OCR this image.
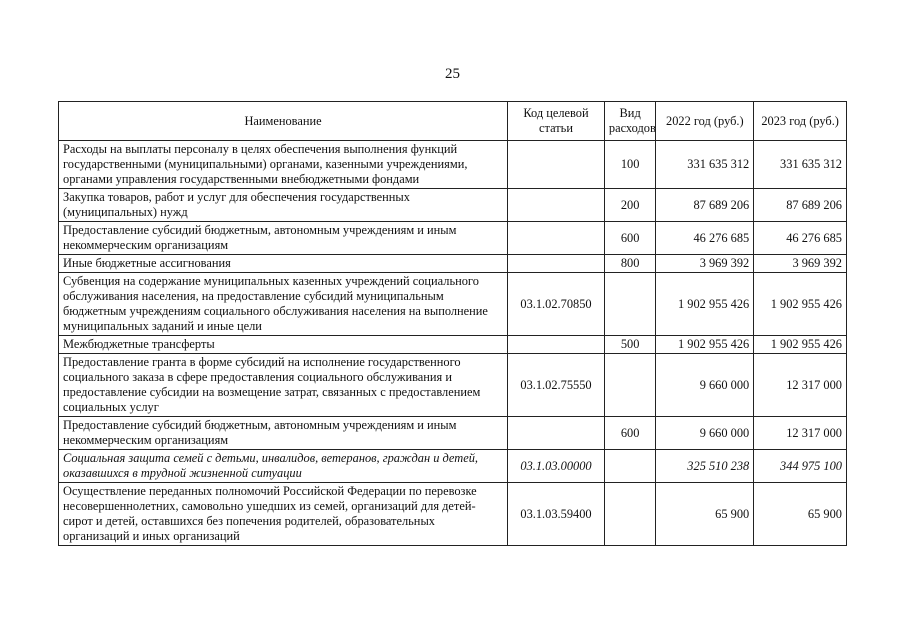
25
Наименование	Код целевой статьи	Вид расходов	2022 год (руб.)	2023 год (руб.)
Расходы на выплаты персоналу в целях обеспечения выполнения функций государственными (муниципальными) органами, казенными учреждениями, органами управления государственными внебюджетными фондами		100	331 635 312	331 635 312
Закупка товаров, работ и услуг для обеспечения государственных (муниципальных) нужд		200	87 689 206	87 689 206
Предоставление субсидий бюджетным, автономным учреждениям и иным некоммерческим организациям		600	46 276 685	46 276 685
Иные бюджетные ассигнования		800	3 969 392	3 969 392
Субвенция на содержание муниципальных казенных учреждений социального обслуживания населения, на предоставление субсидий муниципальным бюджетным учреждениям социального обслуживания населения на выполнение муниципальных заданий и иные цели	03.1.02.70850		1 902 955 426	1 902 955 426
Межбюджетные трансферты		500	1 902 955 426	1 902 955 426
Предоставление гранта в форме субсидий на исполнение государственного социального заказа в сфере предоставления социального обслуживания и предоставление субсидии на возмещение затрат, связанных с предоставлением социальных услуг	03.1.02.75550		9 660 000	12 317 000
Предоставление субсидий бюджетным, автономным учреждениям и иным некоммерческим организациям		600	9 660 000	12 317 000
Социальная защита семей с детьми, инвалидов, ветеранов, граждан и детей, оказавшихся в трудной жизненной ситуации	03.1.03.00000		325 510 238	344 975 100
Осуществление переданных полномочий Российской Федерации по перевозке несовершеннолетних, самовольно ушедших из семей, организаций для детей-сирот и детей, оставшихся без попечения родителей, образовательных организаций и иных организаций	03.1.03.59400		65 900	65 900
